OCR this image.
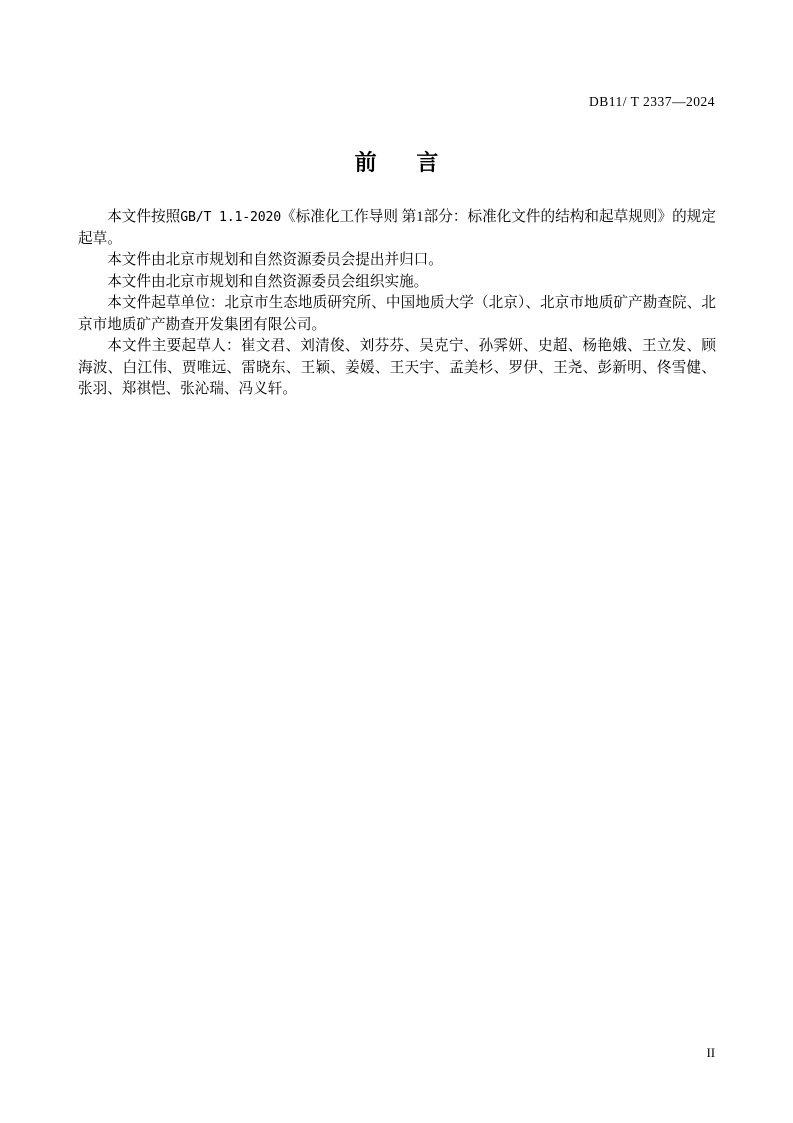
DB11/ T 2337—2024
前 言

本文件按照GB/T 1.1-2020《标准化工作导则 第1部分：标准化文件的结构和起草规则》的规定起草。

本文件由北京市规划和自然资源委员会提出并归口。

本文件由北京市规划和自然资源委员会组织实施。

本文件起草单位：北京市生态地质研究所、中国地质大学（北京）、北京市地质矿产勘查院、北京市地质矿产勘查开发集团有限公司。

本文件主要起草人：崔文君、刘清俊、刘芬芬、吴克宁、孙霁妍、史超、杨艳娥、王立发、顾海波、白江伟、贾唯远、雷晓东、王颖、姜媛、王天宇、孟美杉、罗伊、王尧、彭新明、佟雪健、张羽、郑祺恺、张沁瑞、冯义轩。

II
